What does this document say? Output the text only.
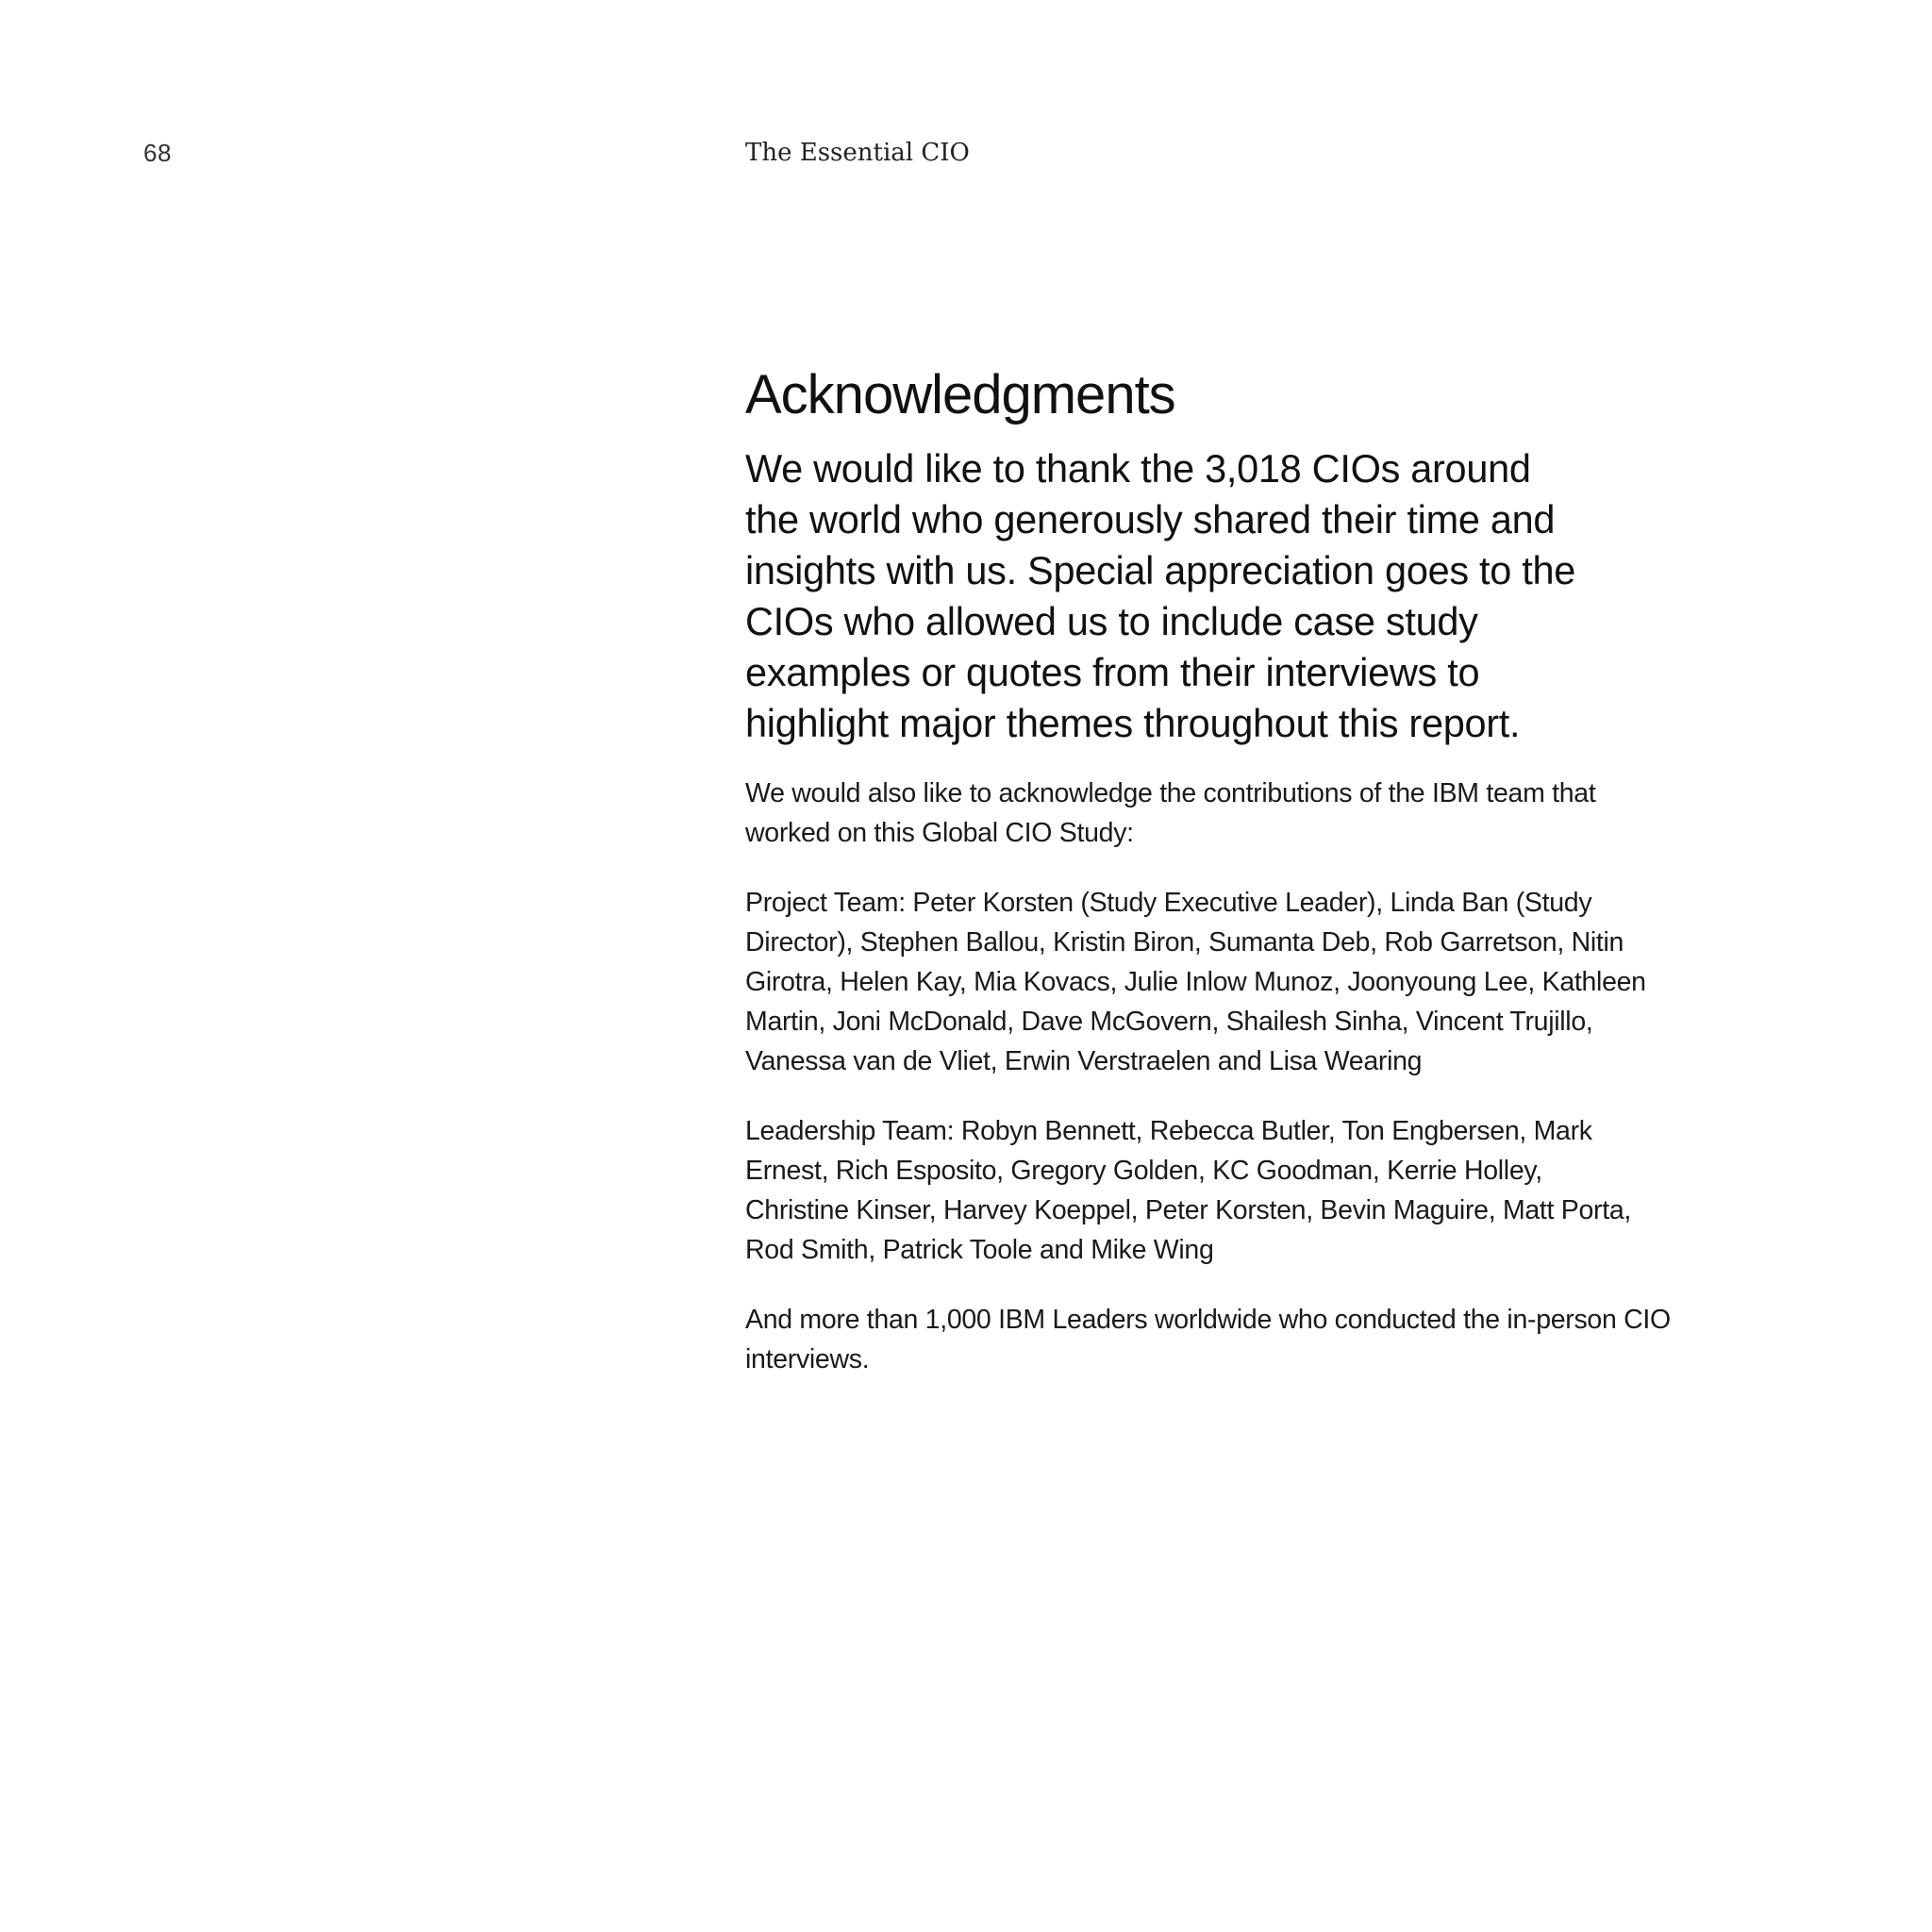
68	The Essential CIO
Acknowledgments

We would like to thank the 3,018 CIOs around the world who generously shared their time and insights with us. Special appreciation goes to the CIOs who allowed us to include case study examples or quotes from their interviews to highlight major themes throughout this report.

We would also like to acknowledge the contributions of the IBM team that worked on this Global CIO Study:

Project Team: Peter Korsten (Study Executive Leader), Linda Ban (Study Director), Stephen Ballou, Kristin Biron, Sumanta Deb, Rob Garretson, Nitin Girotra, Helen Kay, Mia Kovacs, Julie Inlow Munoz, Joonyoung Lee, Kathleen Martin, Joni McDonald, Dave McGovern, Shailesh Sinha, Vincent Trujillo, Vanessa van de Vliet, Erwin Verstraelen and Lisa Wearing

Leadership Team: Robyn Bennett, Rebecca Butler, Ton Engbersen, Mark Ernest, Rich Esposito, Gregory Golden, KC Goodman, Kerrie Holley, Christine Kinser, Harvey Koeppel, Peter Korsten, Bevin Maguire, Matt Porta, Rod Smith, Patrick Toole and Mike Wing

And more than 1,000 IBM Leaders worldwide who conducted the in-person CIO interviews.
